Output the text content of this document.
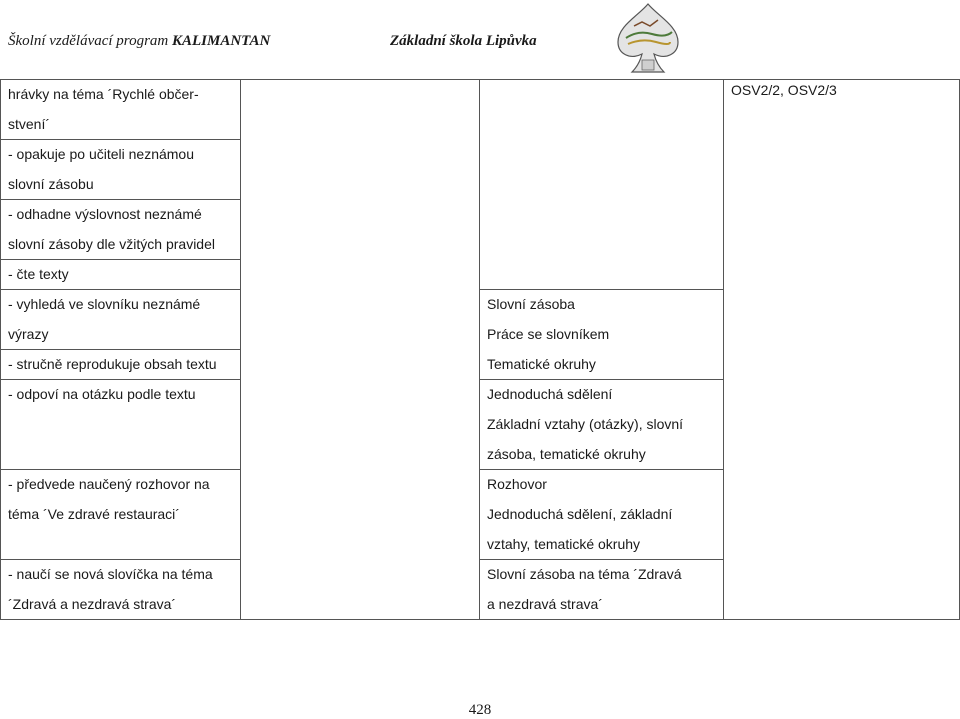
Školní vzdělávací program KALIMANTAN	Základní škola Lipůvka
hrávky na téma ´Rychlé občer-
stvení´
- opakuje po učiteli neznámou
slovní zásobu
- odhadne výslovnost neznámé
slovní zásoby dle vžitých pravidel
- čte texty
- vyhledá ve slovníku neznámé
výrazy
- stručně reprodukuje obsah textu
- odpoví na otázku podle textu
- předvede naučený rozhovor na
téma ´Ve zdravé restauraci´
- naučí se nová slovíčka na téma
´Zdravá a nezdravá strava´
Slovní zásoba
Práce se slovníkem
Tematické okruhy
Jednoduchá sdělení
Základní vztahy (otázky), slovní
zásoba, tematické okruhy
Rozhovor
Jednoduchá sdělení, základní
vztahy, tematické okruhy
Slovní zásoba na téma ´Zdravá
a nezdravá strava´
OSV2/2, OSV2/3
428
